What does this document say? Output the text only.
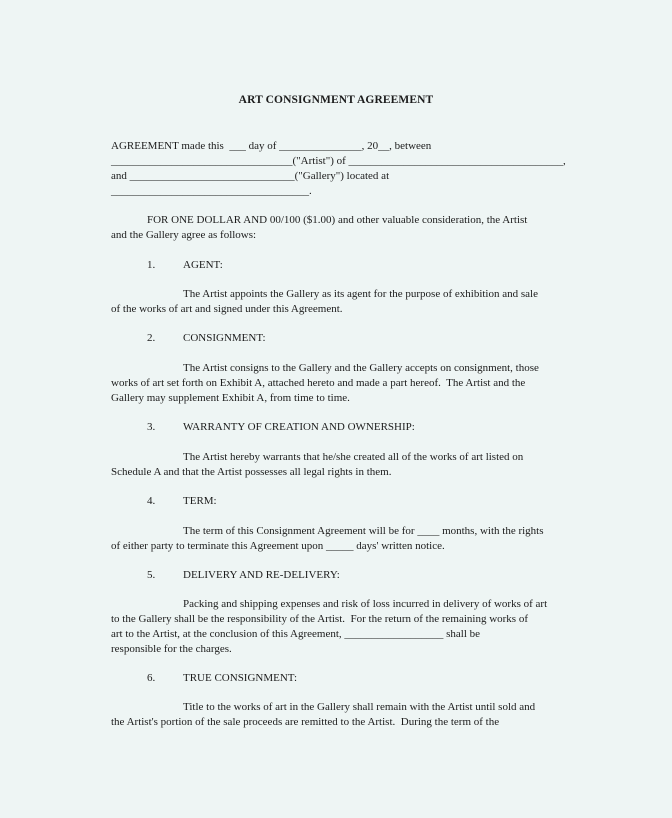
ART CONSIGNMENT AGREEMENT
AGREEMENT made this  ___ day of _______________, 20__, between
_________________________________("Artist") of _______________________________________,
and ______________________________("Gallery") located at
____________________________________.
FOR ONE DOLLAR AND 00/100 ($1.00) and other valuable consideration, the Artist
and the Gallery agree as follows:
1.	AGENT:
The Artist appoints the Gallery as its agent for the purpose of exhibition and sale
of the works of art and signed under this Agreement.
2.	CONSIGNMENT:
The Artist consigns to the Gallery and the Gallery accepts on consignment, those
works of art set forth on Exhibit A, attached hereto and made a part hereof.  The Artist and the
Gallery may supplement Exhibit A, from time to time.
3.	WARRANTY OF CREATION AND OWNERSHIP:
The Artist hereby warrants that he/she created all of the works of art listed on
Schedule A and that the Artist possesses all legal rights in them.
4.	TERM:
The term of this Consignment Agreement will be for ____ months, with the rights
of either party to terminate this Agreement upon _____ days' written notice.
5.	DELIVERY AND RE-DELIVERY:
Packing and shipping expenses and risk of loss incurred in delivery of works of art
to the Gallery shall be the responsibility of the Artist.  For the return of the remaining works of
art to the Artist, at the conclusion of this Agreement, __________________ shall be
responsible for the charges.
6.	TRUE CONSIGNMENT:
Title to the works of art in the Gallery shall remain with the Artist until sold and
the Artist's portion of the sale proceeds are remitted to the Artist.  During the term of the
